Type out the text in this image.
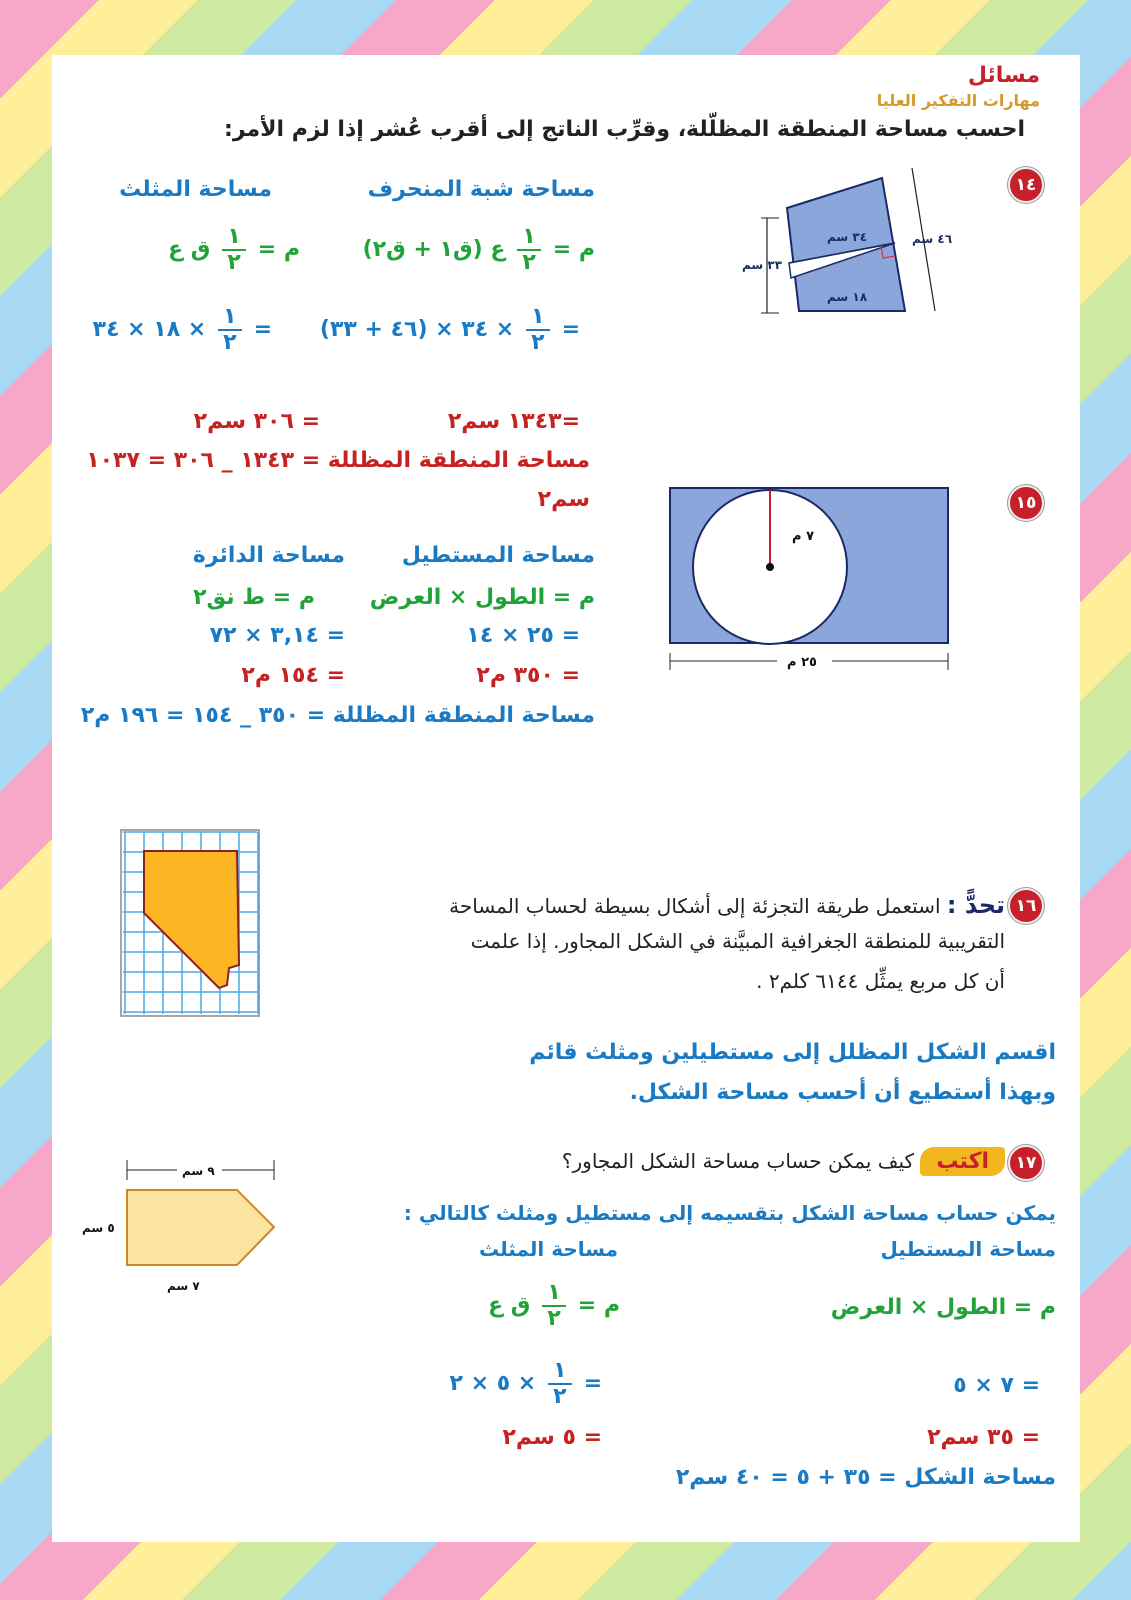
مسائل
مهارات التفكير العليا
احسب مساحة المنطقة المظلّلة، وقرِّب الناتج إلى أقرب عُشر إذا لزم الأمر:
١٤
٣٤ سم
٣٣ سم
٤٦ سم
١٨ سم
مساحة شبة المنحرف
مساحة المثلث
م =
$\frac{١}{٢}$
ع (ق١ + ق٢)
م =
$\frac{١}{٢}$
ق ع
=
$\frac{١}{٢}$
× ٣٤ × (٤٦ + ٣٣)
=
$\frac{١}{٢}$
× ١٨ × ٣٤
=١٣٤٣ سم٢
= ٣٠٦ سم٢
مساحة المنطقة المظللة = ١٣٤٣ _ ٣٠٦ = ١٠٣٧
سم٢	١٥
٧ م
٢٥ م
مساحة المستطيل
مساحة الدائرة
م = الطول × العرض
م = ط نق٢
= ٢٥ × ١٤
= ٣,١٤ × ٧٢
= ٣٥٠ م٢
= ١٥٤ م٢
مساحة المنطقة المظللة = ٣٥٠ _ ١٥٤ = ١٩٦ م٢
١٦
تحدًّ : استعمل طريقة التجزئة إلى أشكال بسيطة لحساب المساحة
التقريبية للمنطقة الجغرافية المبيَّنة في الشكل المجاور. إذا علمت
أن كل مربع يمثِّل ٦١٤٤ كلم٢ .
اقسم الشكل المظلل إلى مستطيلين ومثلث قائم
وبهذا أستطيع أن أحسب مساحة الشكل.
٩ سم
٥ سم
٧ سم
١٧
اكتب كيف يمكن حساب مساحة الشكل المجاور؟
يمكن حساب مساحة الشكل بتقسيمه إلى مستطيل ومثلث كالتالي :
مساحة المستطيل
مساحة المثلث
م = الطول × العرض
م =
$\frac{١}{٢}$
ق ع
= ٧ × ٥
=
$\frac{١}{٢}$
× ٥ × ٢
= ٣٥ سم٢
= ٥ سم٢
مساحة الشكل = ٣٥ + ٥ = ٤٠ سم٢
